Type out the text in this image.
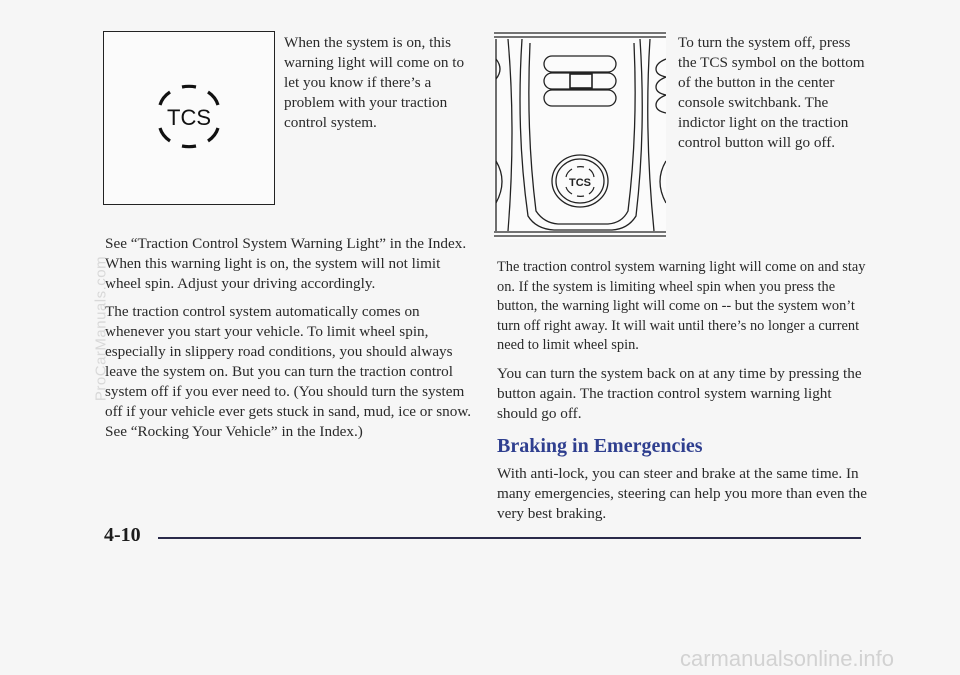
TCS
TCS

When the system is on, this warning light will come on to let you know if there’s a problem with your traction control system.

See “Traction Control System Warning Light” in the Index. When this warning light is on, the system will not limit wheel spin. Adjust your driving accordingly.

The traction control system automatically comes on whenever you start your vehicle. To limit wheel spin, especially in slippery road conditions, you should always leave the system on. But you can turn the traction control system off if you ever need to. (You should turn the system off if your vehicle ever gets stuck in sand, mud, ice or snow. See “Rocking Your Vehicle” in the Index.)

To turn the system off, press the TCS symbol on the bottom of the button in the center console switchbank. The indictor light on the traction control button will go off.

The traction control system warning light will come on and stay on. If the system is limiting wheel spin when you press the button, the warning light will come on -- but the system won’t turn off right away. It will wait until there’s no longer a current need to limit wheel spin.

You can turn the system back on at any time by pressing the button again. The traction control system warning light should go off.

Braking in Emergencies

With anti-lock, you can steer and brake at the same time. In many emergencies, steering can help you more than even the very best braking.

4-10
ProCarManuals.com
carmanualsonline.info
